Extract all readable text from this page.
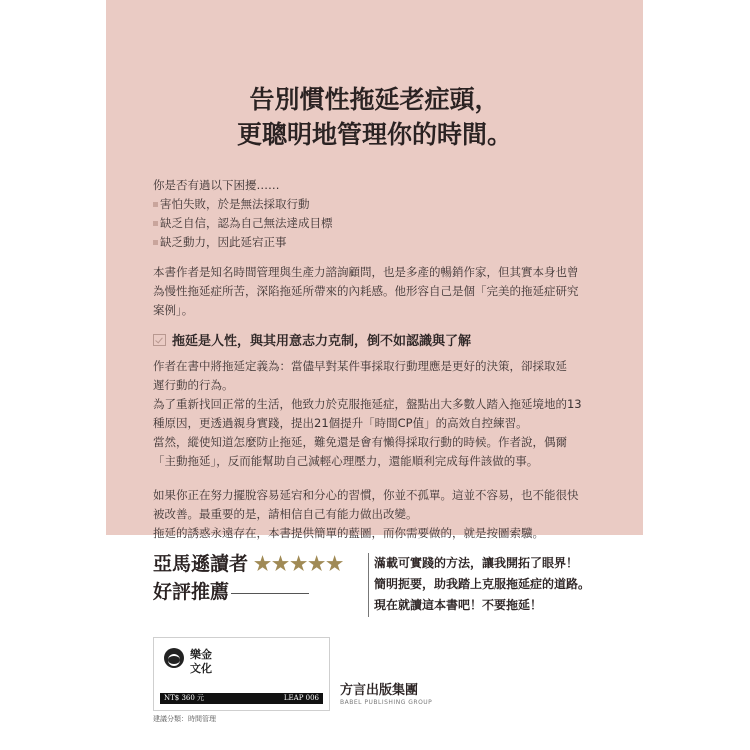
告別慣性拖延老症頭，
更聰明地管理你的時間。
你是否有過以下困擾……
害怕失敗，於是無法採取行動
缺乏自信，認為自己無法達成目標
缺乏動力，因此延宕正事
本書作者是知名時間管理與生產力諮詢顧問，也是多產的暢銷作家，但其實本身也曾
為慢性拖延症所苦，深陷拖延所帶來的內耗感。他形容自己是個「完美的拖延症研究
案例」。
拖延是人性，與其用意志力克制，倒不如認識與了解
作者在書中將拖延定義為：當儘早對某件事採取行動理應是更好的決策，卻採取延
遲行動的行為。
為了重新找回正常的生活，他致力於克服拖延症，盤點出大多數人踏入拖延境地的13
種原因，更透過親身實踐，提出21個提升「時間CP值」的高效自控練習。
當然，縱使知道怎麼防止拖延，難免還是會有懶得採取行動的時候。作者說，偶爾
「主動拖延」，反而能幫助自己減輕心理壓力，還能順利完成每件該做的事。
如果你正在努力擺脫容易延宕和分心的習慣，你並不孤單。這並不容易，也不能很快
被改善。最重要的是，請相信自己有能力做出改變。
拖延的誘惑永遠存在，本書提供簡單的藍圖，而你需要做的，就是按圖索驥。
亞馬遜讀者 ★★★★★
好評推薦
滿載可實踐的方法，讓我開拓了眼界！
簡明扼要，助我踏上克服拖延症的道路。
現在就讀這本書吧！不要拖延！
樂金
文化
NT$ 360 元	LEAP 006
建議分類：時間管理
方言出版集團
BABEL PUBLISHING GROUP
